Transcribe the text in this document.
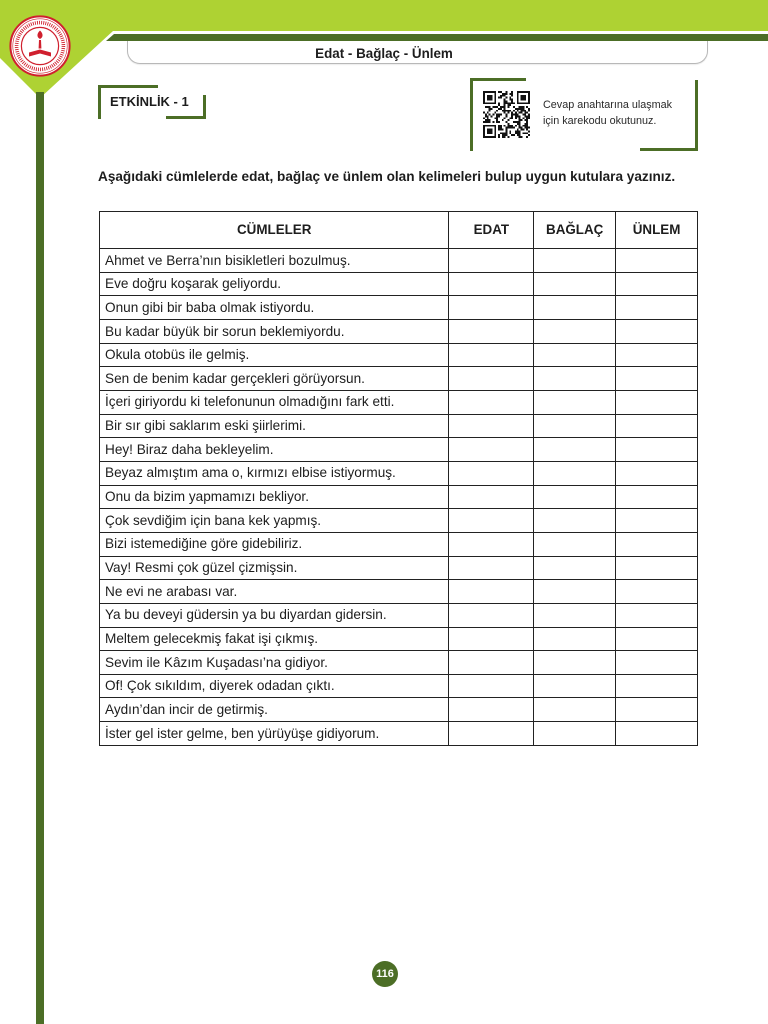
Edat - Bağlaç - Ünlem
ETKİNLİK - 1	Cevap anahtarına ulaşmak
için karekodu okutunuz.
Aşağıdaki cümlelerde edat, bağlaç ve ünlem olan kelimeleri bulup uygun kutulara yazınız.
CÜMLELER	EDAT	BAĞLAÇ	ÜNLEM
Ahmet ve Berra’nın bisikletleri bozulmuş.			
Eve doğru koşarak geliyordu.			
Onun gibi bir baba olmak istiyordu.			
Bu kadar büyük bir sorun beklemiyordu.			
Okula otobüs ile gelmiş.			
Sen de benim kadar gerçekleri görüyorsun.			
İçeri giriyordu ki telefonunun olmadığını fark etti.			
Bir sır gibi saklarım eski şiirlerimi.			
Hey! Biraz daha bekleyelim.			
Beyaz almıştım ama o, kırmızı elbise istiyormuş.			
Onu da bizim yapmamızı bekliyor.			
Çok sevdiğim için bana kek yapmış.			
Bizi istemediğine göre gidebiliriz.			
Vay! Resmi çok güzel çizmişsin.			
Ne evi ne arabası var.			
Ya bu deveyi güdersin ya bu diyardan gidersin.			
Meltem gelecekmiş fakat işi çıkmış.			
Sevim ile Kâzım Kuşadası’na gidiyor.			
Of! Çok sıkıldım, diyerek odadan çıktı.			
Aydın’dan incir de getirmiş.			
İster gel ister gelme, ben yürüyüşe gidiyorum.			
116
